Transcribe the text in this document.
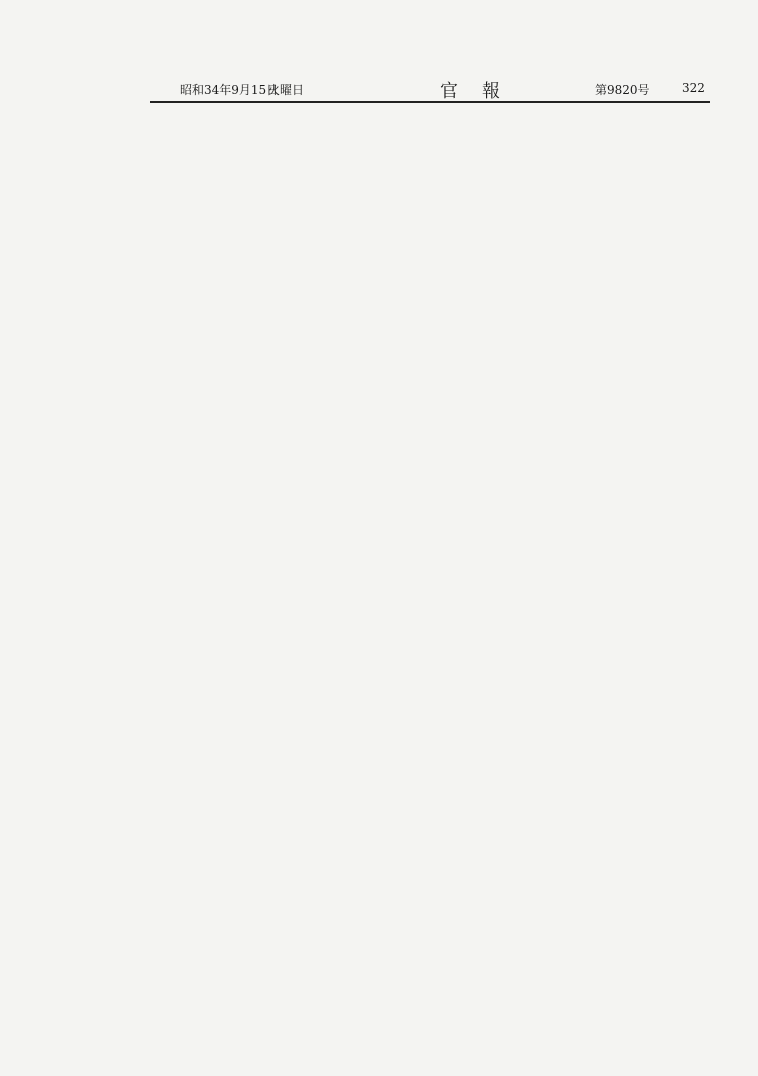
昭和34年9月15日
火曜日	官報	第9820号	322
